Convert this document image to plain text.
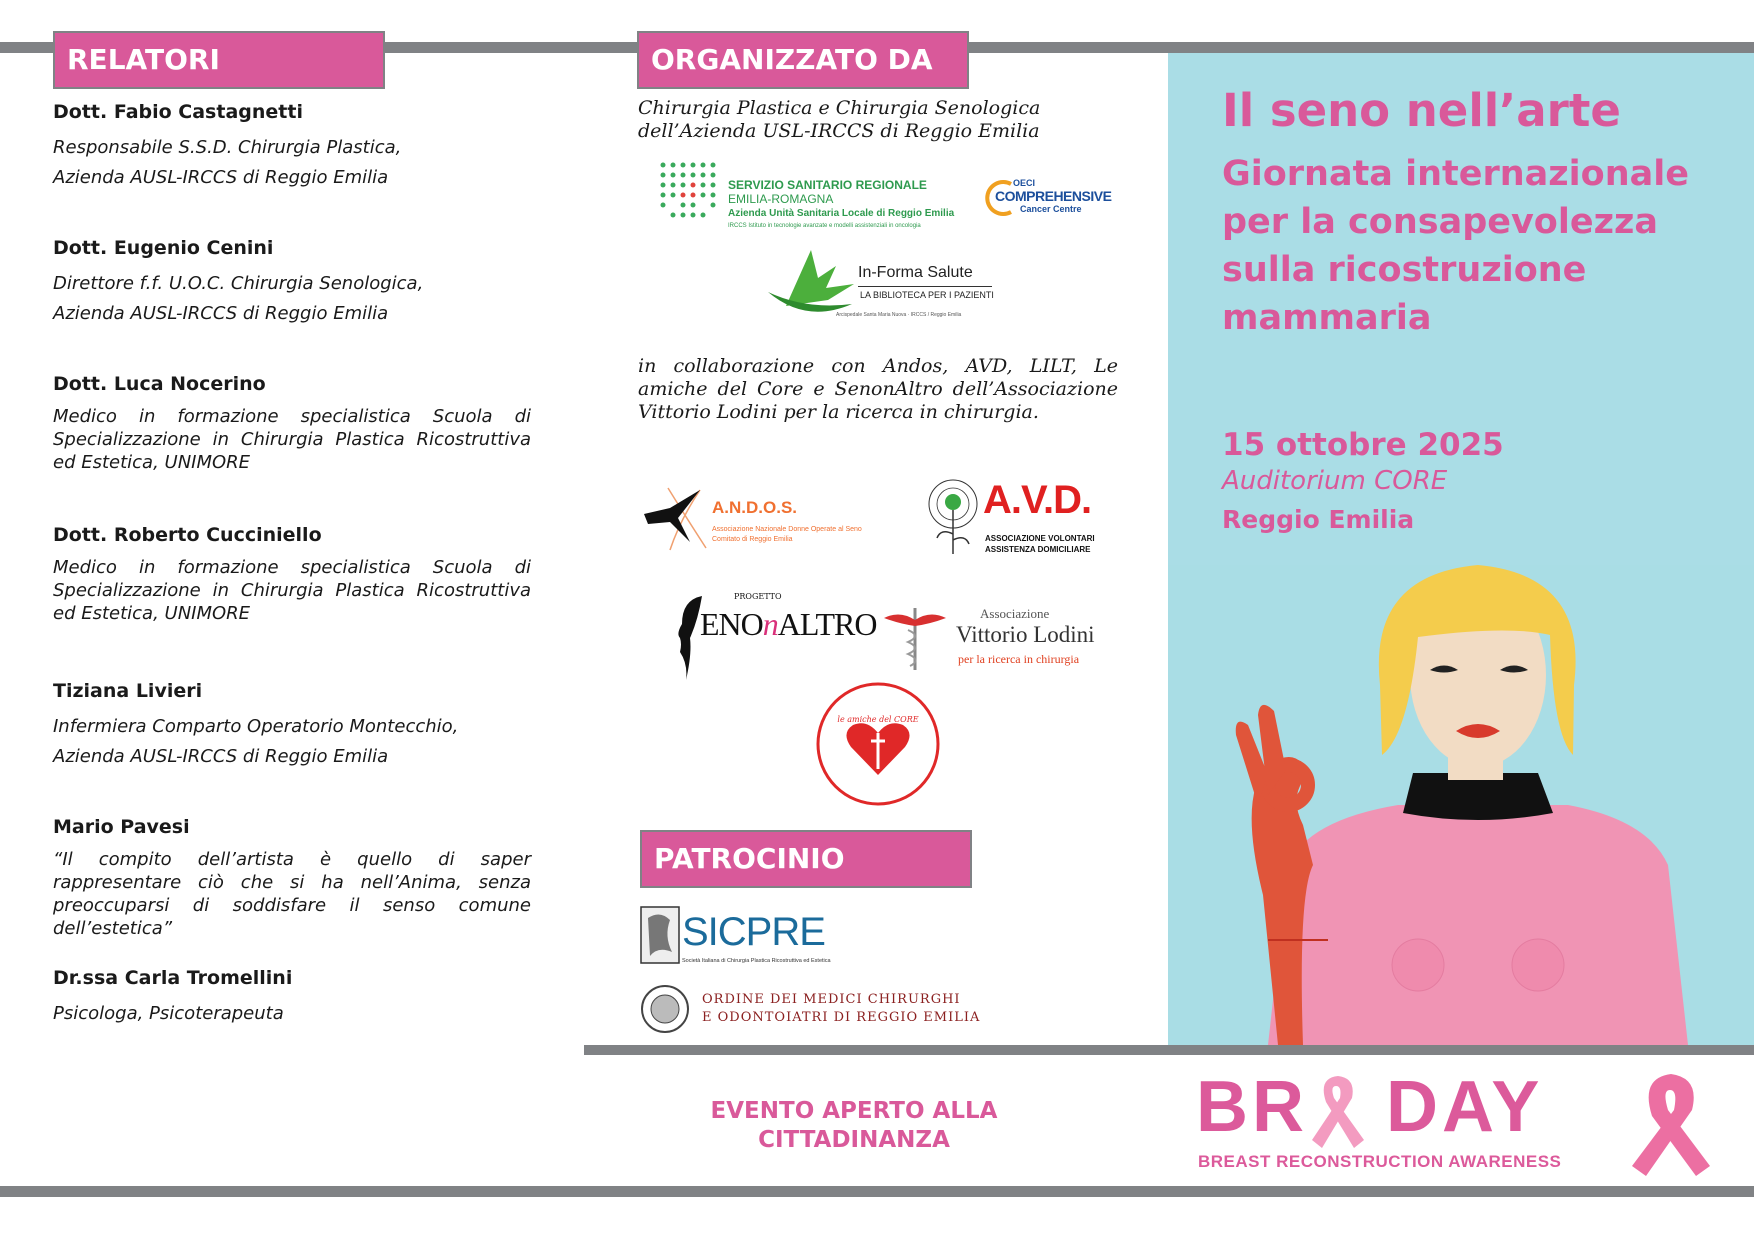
RELATORI
Dott. Fabio Castagnetti
Responsabile S.S.D. Chirurgia Plastica,
Azienda AUSL-IRCCS di Reggio Emilia
Dott. Eugenio Cenini
Direttore f.f. U.O.C. Chirurgia Senologica,
Azienda AUSL-IRCCS di Reggio Emilia
Dott. Luca Nocerino
Medico in formazione specialistica Scuola di Specializzazione in Chirurgia Plastica Ricostruttiva ed Estetica, UNIMORE
Dott. Roberto Cucciniello
Medico in formazione specialistica Scuola di Specializzazione in Chirurgia Plastica Ricostruttiva ed Estetica, UNIMORE
Tiziana Livieri
Infermiera Comparto Operatorio Montecchio,
Azienda AUSL-IRCCS di Reggio Emilia
Mario Pavesi
“Il compito dell’artista è quello di saper rappresentare ciò che si ha nell’Anima, senza preoccuparsi di soddisfare il senso comune dell’estetica”
Dr.ssa Carla Tromellini
Psicologa, Psicoterapeuta
ORGANIZZATO DA
Chirurgia Plastica e Chirurgia Senologica dell’Azienda USL-IRCCS di Reggio Emilia
SERVIZIO SANITARIO REGIONALE
EMILIA-ROMAGNA
Azienda Unità Sanitaria Locale di Reggio Emilia
IRCCS Istituto in tecnologie avanzate e modelli assistenziali in oncologia
OECI
COMPREHENSIVE
Cancer Centre
In-Forma Salute
LA BIBLIOTECA PER I PAZIENTI
Arcispedale Santa Maria Nuova · IRCCS / Reggio Emilia
in collaborazione con Andos, AVD, LILT, Le amiche del Core e SenonAltro dell’Associazione Vittorio Lodini per la ricerca in chirurgia.
A.N.D.O.S.
Associazione Nazionale Donne Operate al Seno
Comitato di Reggio Emilia
A.V.D.
ASSOCIAZIONE VOLONTARI
ASSISTENZA DOMICILIARE
PROGETTO
ENOnALTRO	Associazione
Vittorio Lodini
per la ricerca in chirurgia
le amiche del CORE
PATROCINIO
SICPRE
Società Italiana di Chirurgia Plastica Ricostruttiva ed Estetica
ORDINE DEI MEDICI CHIRURGHI
E ODONTOIATRI DI REGGIO EMILIA
Il seno nell’arte
Giornata internazionale per la consapevolezza sulla ricostruzione mammaria
15 ottobre 2025
Auditorium CORE
Reggio Emilia
EVENTO APERTO ALLA
CITTADINANZA	BR DAY
BREAST RECONSTRUCTION AWARENESS
